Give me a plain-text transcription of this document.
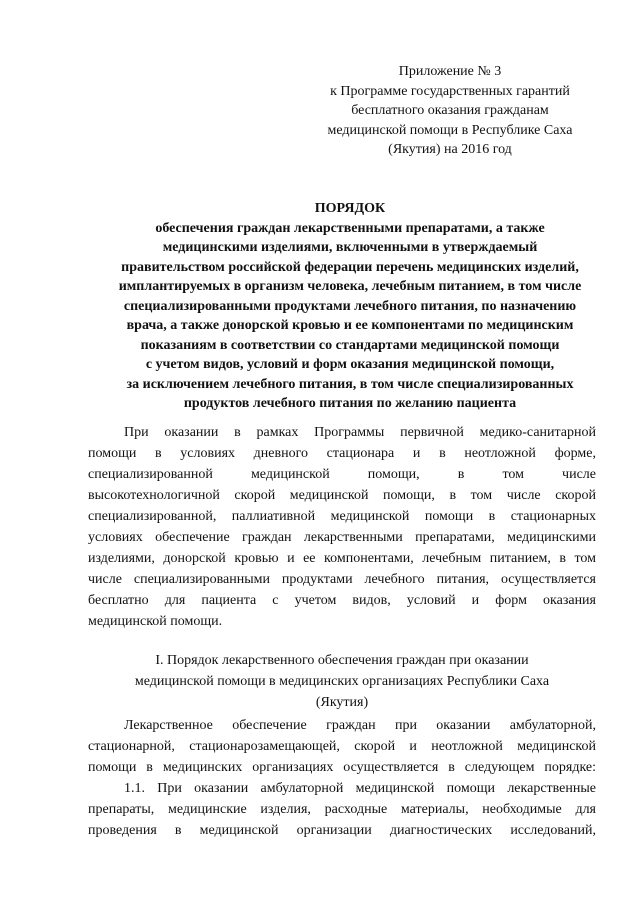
Приложение № 3
к Программе государственных гарантий
бесплатного оказания гражданам
медицинской помощи в Республике Саха
(Якутия) на 2016 год
ПОРЯДОК
обеспечения граждан лекарственными препаратами, а также
медицинскими изделиями, включенными в утверждаемый
правительством российской федерации перечень медицинских изделий,
имплантируемых в организм человека, лечебным питанием, в том числе
специализированными продуктами лечебного питания, по назначению
врача, а также донорской кровью и ее компонентами по медицинским
показаниям в соответствии со стандартами медицинской помощи
с учетом видов, условий и форм оказания медицинской помощи,
за исключением лечебного питания, в том числе специализированных
продуктов лечебного питания по желанию пациента
При оказании в рамках Программы первичной медико-санитарной
помощи в условиях дневного стационара и в неотложной форме,
специализированной медицинской помощи, в том числе
высокотехнологичной скорой медицинской помощи, в том числе скорой
специализированной, паллиативной медицинской помощи в стационарных
условиях обеспечение граждан лекарственными препаратами, медицинскими
изделиями, донорской кровью и ее компонентами, лечебным питанием, в том
числе специализированными продуктами лечебного питания, осуществляется
бесплатно для пациента с учетом видов, условий и форм оказания
медицинской помощи.
I. Порядок лекарственного обеспечения граждан при оказании
медицинской помощи в медицинских организациях Республики Саха
(Якутия)
Лекарственное обеспечение граждан при оказании амбулаторной,
стационарной, стационарозамещающей, скорой и неотложной медицинской
помощи в медицинских организациях осуществляется в следующем порядке:
1.1. При оказании амбулаторной медицинской помощи лекарственные
препараты, медицинские изделия, расходные материалы, необходимые для
проведения в медицинской организации диагностических исследований,
